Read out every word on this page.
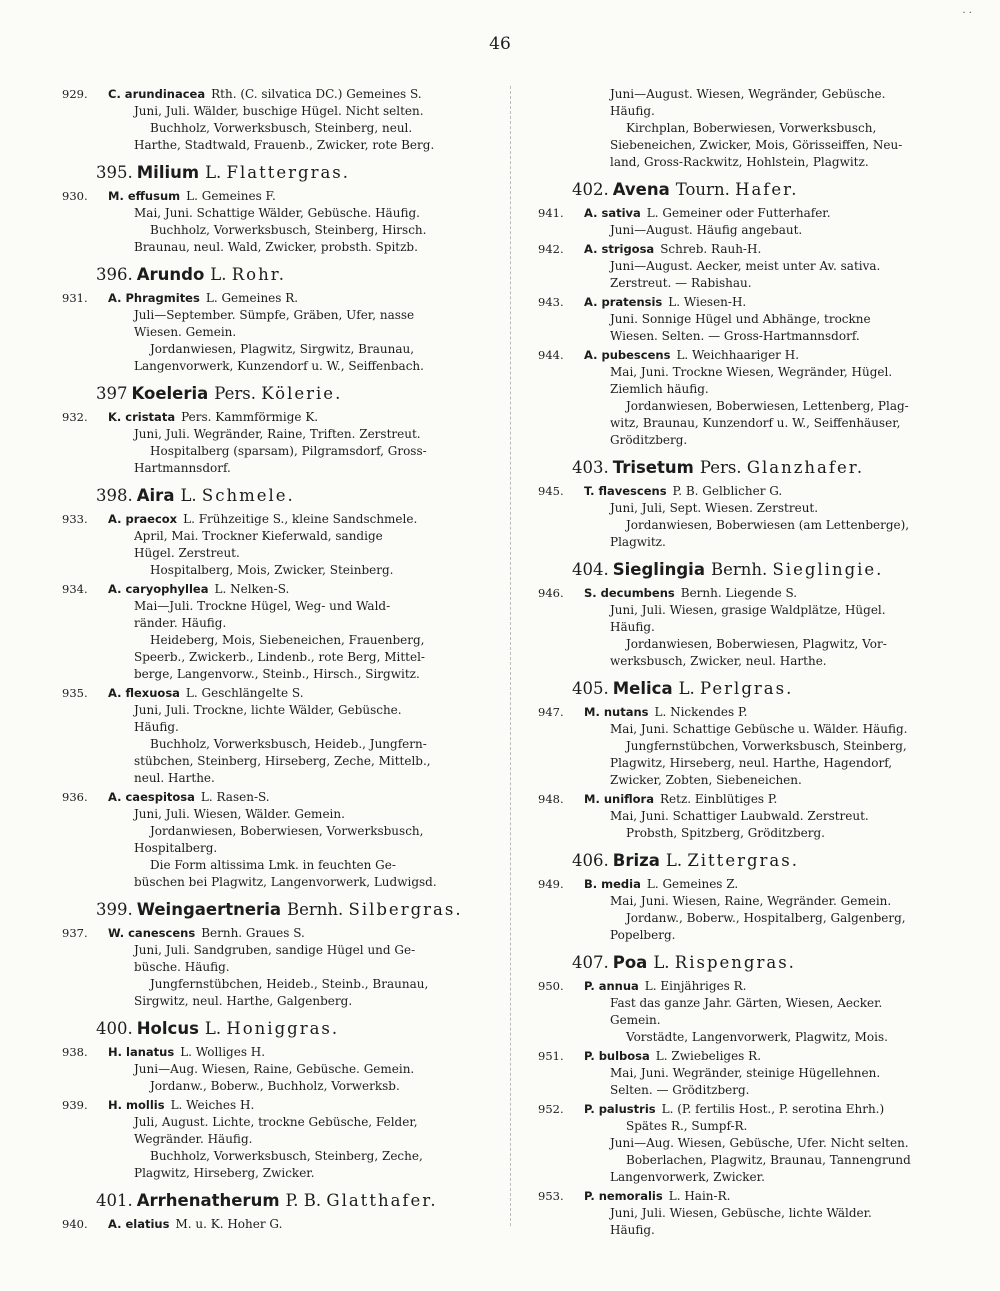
· ·
46
929. C. arundinacea Rth. (C. silvatica DC.) Gemeines S.
Juni, Juli. Wälder, buschige Hügel. Nicht selten.
Buchholz, Vorwerksbusch, Steinberg, neul.
Harthe, Stadtwald, Frauenb., Zwicker, rote Berg.
395. Milium L. Flattergras.
930. M. effusum L. Gemeines F.
Mai, Juni. Schattige Wälder, Gebüsche. Häufig.
Buchholz, Vorwerksbusch, Steinberg, Hirsch.
Braunau, neul. Wald, Zwicker, probsth. Spitzb.
396. Arundo L. Rohr.
931. A. Phragmites L. Gemeines R.
Juli—September. Sümpfe, Gräben, Ufer, nasse
Wiesen. Gemein.
Jordanwiesen, Plagwitz, Sirgwitz, Braunau,
Langenvorwerk, Kunzendorf u. W., Seiffenbach.
397 Koeleria Pers. Kölerie.
932. K. cristata Pers. Kammförmige K.
Juni, Juli. Wegränder, Raine, Triften. Zerstreut.
Hospitalberg (sparsam), Pilgramsdorf, Gross-
Hartmannsdorf.
398. Aira L. Schmele.
933. A. praecox L. Frühzeitige S., kleine Sandschmele.
April, Mai. Trockner Kieferwald, sandige
Hügel. Zerstreut.
Hospitalberg, Mois, Zwicker, Steinberg.
934. A. caryophyllea L. Nelken-S.
Mai—Juli. Trockne Hügel, Weg- und Wald-
ränder. Häufig.
Heideberg, Mois, Siebeneichen, Frauenberg,
Speerb., Zwickerb., Lindenb., rote Berg, Mittel-
berge, Langenvorw., Steinb., Hirsch., Sirgwitz.
935. A. flexuosa L. Geschlängelte S.
Juni, Juli. Trockne, lichte Wälder, Gebüsche.
Häufig.
Buchholz, Vorwerksbusch, Heideb., Jungfern-
stübchen, Steinberg, Hirseberg, Zeche, Mittelb.,
neul. Harthe.
936. A. caespitosa L. Rasen-S.
Juni, Juli. Wiesen, Wälder. Gemein.
Jordanwiesen, Boberwiesen, Vorwerksbusch,
Hospitalberg.
Die Form altissima Lmk. in feuchten Ge-
büschen bei Plagwitz, Langenvorwerk, Ludwigsd.
399. Weingaertneria Bernh. Silbergras.
937. W. canescens Bernh. Graues S.
Juni, Juli. Sandgruben, sandige Hügel und Ge-
büsche. Häufig.
Jungfernstübchen, Heideb., Steinb., Braunau,
Sirgwitz, neul. Harthe, Galgenberg.
400. Holcus L. Honiggras.
938. H. lanatus L. Wolliges H.
Juni—Aug. Wiesen, Raine, Gebüsche. Gemein.
Jordanw., Boberw., Buchholz, Vorwerksb.
939. H. mollis L. Weiches H.
Juli, August. Lichte, trockne Gebüsche, Felder,
Wegränder. Häufig.
Buchholz, Vorwerksbusch, Steinberg, Zeche,
Plagwitz, Hirseberg, Zwicker.
401. Arrhenatherum P. B. Glatthafer.
940. A. elatius M. u. K. Hoher G.
Juni—August. Wiesen, Wegränder, Gebüsche.
Häufig.
Kirchplan, Boberwiesen, Vorwerksbusch,
Siebeneichen, Zwicker, Mois, Görisseiffen, Neu-
land, Gross-Rackwitz, Hohlstein, Plagwitz.
402. Avena Tourn. Hafer.
941. A. sativa L. Gemeiner oder Futterhafer.
Juni—August. Häufig angebaut.
942. A. strigosa Schreb. Rauh-H.
Juni—August. Aecker, meist unter Av. sativa.
Zerstreut. — Rabishau.
943. A. pratensis L. Wiesen-H.
Juni. Sonnige Hügel und Abhänge, trockne
Wiesen. Selten. — Gross-Hartmannsdorf.
944. A. pubescens L. Weichhaariger H.
Mai, Juni. Trockne Wiesen, Wegränder, Hügel.
Ziemlich häufig.
Jordanwiesen, Boberwiesen, Lettenberg, Plag-
witz, Braunau, Kunzendorf u. W., Seiffenhäuser,
Gröditzberg.
403. Trisetum Pers. Glanzhafer.
945. T. flavescens P. B. Gelblicher G.
Juni, Juli, Sept. Wiesen. Zerstreut.
Jordanwiesen, Boberwiesen (am Lettenberge),
Plagwitz.
404. Sieglingia Bernh. Sieglingie.
946. S. decumbens Bernh. Liegende S.
Juni, Juli. Wiesen, grasige Waldplätze, Hügel.
Häufig.
Jordanwiesen, Boberwiesen, Plagwitz, Vor-
werksbusch, Zwicker, neul. Harthe.
405. Melica L. Perlgras.
947. M. nutans L. Nickendes P.
Mai, Juni. Schattige Gebüsche u. Wälder. Häufig.
Jungfernstübchen, Vorwerksbusch, Steinberg,
Plagwitz, Hirseberg, neul. Harthe, Hagendorf,
Zwicker, Zobten, Siebeneichen.
948. M. uniflora Retz. Einblütiges P.
Mai, Juni. Schattiger Laubwald. Zerstreut.
Probsth, Spitzberg, Gröditzberg.
406. Briza L. Zittergras.
949. B. media L. Gemeines Z.
Mai, Juni. Wiesen, Raine, Wegränder. Gemein.
Jordanw., Boberw., Hospitalberg, Galgenberg,
Popelberg.
407. Poa L. Rispengras.
950. P. annua L. Einjähriges R.
Fast das ganze Jahr. Gärten, Wiesen, Aecker.
Gemein.
Vorstädte, Langenvorwerk, Plagwitz, Mois.
951. P. bulbosa L. Zwiebeliges R.
Mai, Juni. Wegränder, steinige Hügellehnen.
Selten. — Gröditzberg.
952. P. palustris L. (P. fertilis Host., P. serotina Ehrh.)
Spätes R., Sumpf-R.
Juni—Aug. Wiesen, Gebüsche, Ufer. Nicht selten.
Boberlachen, Plagwitz, Braunau, Tannengrund
Langenvorwerk, Zwicker.
953. P. nemoralis L. Hain-R.
Juni, Juli. Wiesen, Gebüsche, lichte Wälder.
Häufig.
